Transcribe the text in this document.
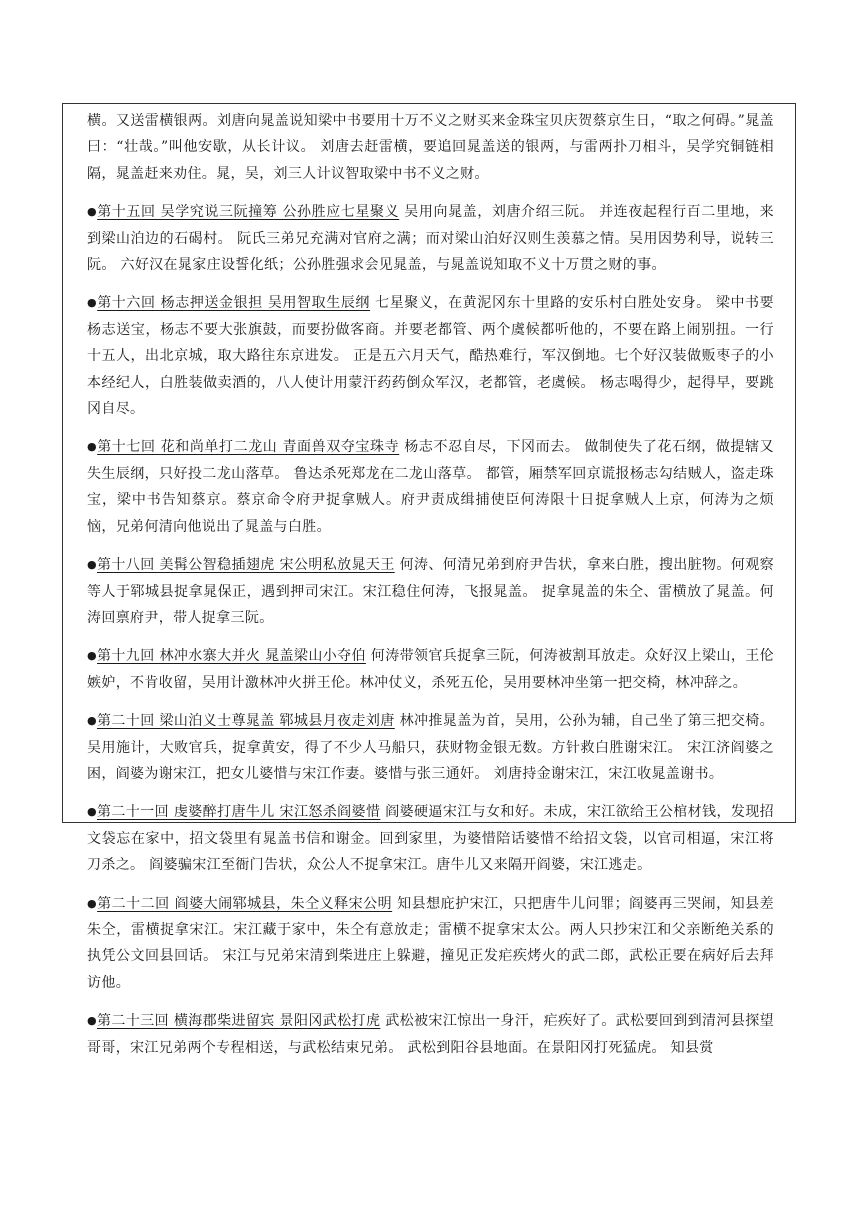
横。又送雷横银两。刘唐向晁盖说知梁中书要用十万不义之财买来金珠宝贝庆贺蔡京生日，“取之何碍。”晁盖曰：“壮哉。”叫他安歇，从长计议。 刘唐去赶雷横，要追回晁盖送的银两，与雷两扑刀相斗，吴学究铜链相隔，晁盖赶来劝住。晁，吴，刘三人计议智取梁中书不义之财。

●第十五回 吴学究说三阮撞筹 公孙胜应七星聚义 吴用向晁盖，刘唐介绍三阮。 并连夜起程行百二里地，来到梁山泊边的石碣村。 阮氏三弟兄充满对官府之满；而对梁山泊好汉则生羡慕之情。吴用因势利导，说转三阮。 六好汉在晁家庄设誓化纸；公孙胜强求会见晁盖，与晁盖说知取不义十万贯之财的事。

●第十六回 杨志押送金银担 吴用智取生辰纲 七星聚义，在黄泥冈东十里路的安乐村白胜处安身。 梁中书要杨志送宝，杨志不要大张旗鼓，而要扮做客商。并要老都管、两个虞候都听他的，不要在路上闹别扭。一行十五人，出北京城，取大路往东京进发。 正是五六月天气，酷热难行，军汉倒地。七个好汉装做贩枣子的小本经纪人，白胜装做卖酒的，八人使计用蒙汗药药倒众军汉，老都管，老虞候。 杨志喝得少，起得早，要跳冈自尽。

●第十七回 花和尚单打二龙山 青面兽双夺宝珠寺 杨志不忍自尽，下冈而去。 做制使失了花石纲，做提辖又失生辰纲，只好投二龙山落草。 鲁达杀死郑龙在二龙山落草。 都管，厢禁军回京谎报杨志勾结贼人，盗走珠宝，梁中书告知蔡京。蔡京命令府尹捉拿贼人。府尹责成缉捕使臣何涛限十日捉拿贼人上京，何涛为之烦恼，兄弟何清向他说出了晁盖与白胜。

●第十八回 美髯公智稳插翅虎 宋公明私放晁天王 何涛、何清兄弟到府尹告状，拿来白胜，搜出脏物。何观察等人于郓城县捉拿晁保正，遇到押司宋江。宋江稳住何涛，飞报晁盖。 捉拿晁盖的朱仝、雷横放了晁盖。何涛回禀府尹，带人捉拿三阮。

●第十九回 林冲水寨大并火 晁盖梁山小夺伯 何涛带领官兵捉拿三阮，何涛被割耳放走。众好汉上梁山，王伦嫉妒，不肯收留，吴用计激林冲火拼王伦。林冲仗义，杀死五伦，吴用要林冲坐第一把交椅，林冲辞之。

●第二十回 梁山泊义士尊晁盖 郓城县月夜走刘唐 林冲推晁盖为首，吴用，公孙为辅，自己坐了第三把交椅。 吴用施计，大败官兵，捉拿黄安，得了不少人马船只，获财物金银无数。方针救白胜谢宋江。 宋江济阎婆之困，阎婆为谢宋江，把女儿婆惜与宋江作妻。婆惜与张三通奸。 刘唐持金谢宋江，宋江收晁盖谢书。

●第二十一回 虔婆醉打唐牛儿 宋江怒杀阎婆惜 阎婆硬逼宋江与女和好。未成，宋江欲给王公棺材钱，发现招文袋忘在家中，招文袋里有晁盖书信和谢金。回到家里，为婆惜陪话婆惜不给招文袋，以官司相逼，宋江将刀杀之。 阎婆骗宋江至衙门告状，众公人不捉拿宋江。唐牛儿又来隔开阎婆，宋江逃走。

●第二十二回 阎婆大闹郓城县，朱仝义释宋公明 知县想庇护宋江，只把唐牛儿问罪；阎婆再三哭闹，知县差朱仝，雷横捉拿宋江。宋江藏于家中，朱仝有意放走；雷横不捉拿宋太公。两人只抄宋江和父亲断绝关系的执凭公文回县回话。 宋江与兄弟宋清到柴进庄上躲避，撞见正发疟疾烤火的武二郎，武松正要在病好后去拜访他。

●第二十三回 横海郡柴进留宾 景阳冈武松打虎 武松被宋江惊出一身汗，疟疾好了。武松要回到到清河县探望哥哥，宋江兄弟两个专程相送，与武松结束兄弟。 武松到阳谷县地面。在景阳冈打死猛虎。 知县赏
